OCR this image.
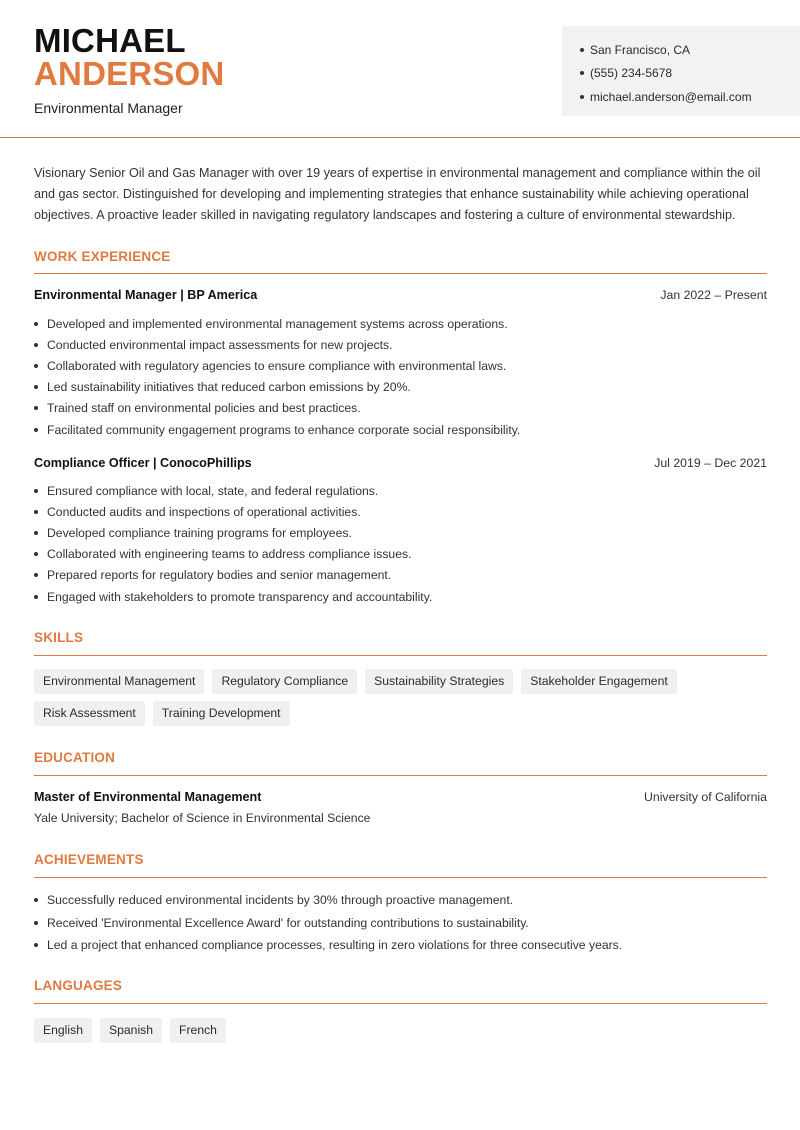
MICHAEL
ANDERSON
Environmental Manager
San Francisco, CA
(555) 234-5678
michael.anderson@email.com

Visionary Senior Oil and Gas Manager with over 19 years of expertise in environmental management and compliance within the oil and gas sector. Distinguished for developing and implementing strategies that enhance sustainability while achieving operational objectives. A proactive leader skilled in navigating regulatory landscapes and fostering a culture of environmental stewardship.

WORK EXPERIENCE
Environmental Manager | BP America	Jan 2022 – Present
Developed and implemented environmental management systems across operations.
Conducted environmental impact assessments for new projects.
Collaborated with regulatory agencies to ensure compliance with environmental laws.
Led sustainability initiatives that reduced carbon emissions by 20%.
Trained staff on environmental policies and best practices.
Facilitated community engagement programs to enhance corporate social responsibility.
Compliance Officer | ConocoPhillips	Jul 2019 – Dec 2021
Ensured compliance with local, state, and federal regulations.
Conducted audits and inspections of operational activities.
Developed compliance training programs for employees.
Collaborated with engineering teams to address compliance issues.
Prepared reports for regulatory bodies and senior management.
Engaged with stakeholders to promote transparency and accountability.
SKILLS
Environmental Management	Regulatory Compliance	Sustainability Strategies	Stakeholder Engagement
Risk Assessment	Training Development
EDUCATION
Master of Environmental Management	University of California
Yale University; Bachelor of Science in Environmental Science
ACHIEVEMENTS
Successfully reduced environmental incidents by 30% through proactive management.
Received 'Environmental Excellence Award' for outstanding contributions to sustainability.
Led a project that enhanced compliance processes, resulting in zero violations for three consecutive years.
LANGUAGES
English	Spanish	French
